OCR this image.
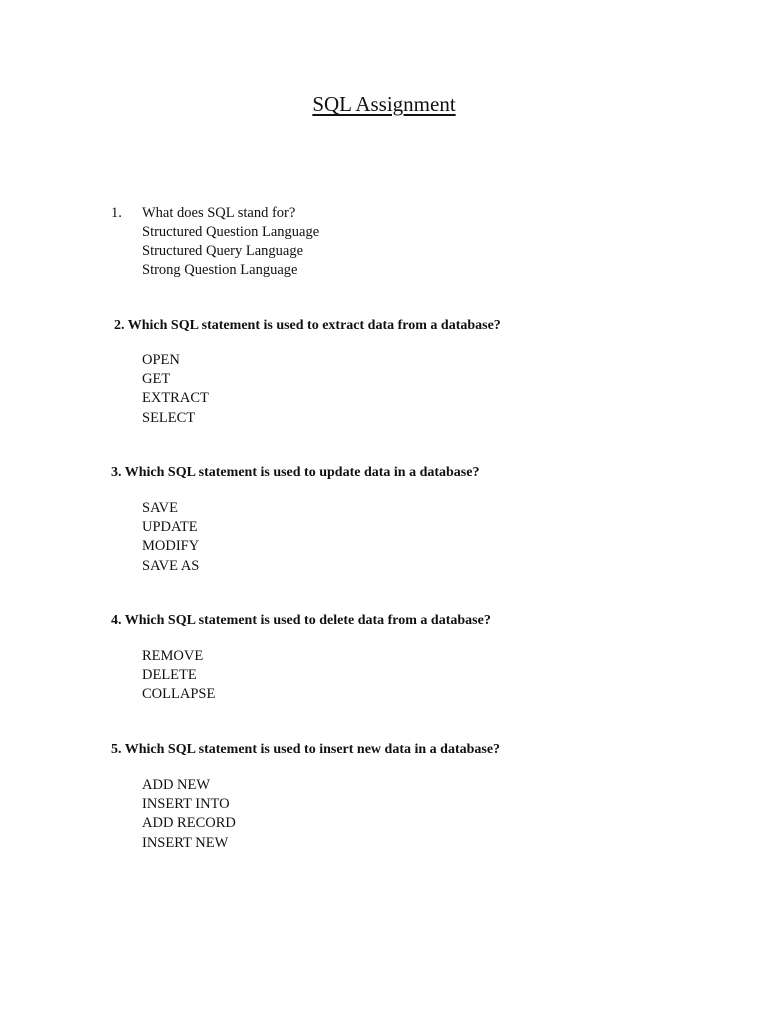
SQL Assignment
1. What does SQL stand for?
Structured Question Language
Structured Query Language
Strong Question Language
2. Which SQL statement is used to extract data from a database?
OPEN
GET
EXTRACT
SELECT
3. Which SQL statement is used to update data in a database?
SAVE
UPDATE
MODIFY
SAVE AS
4. Which SQL statement is used to delete data from a database?
REMOVE
DELETE
COLLAPSE
5. Which SQL statement is used to insert new data in a database?
ADD NEW
INSERT INTO
ADD RECORD
INSERT NEW
